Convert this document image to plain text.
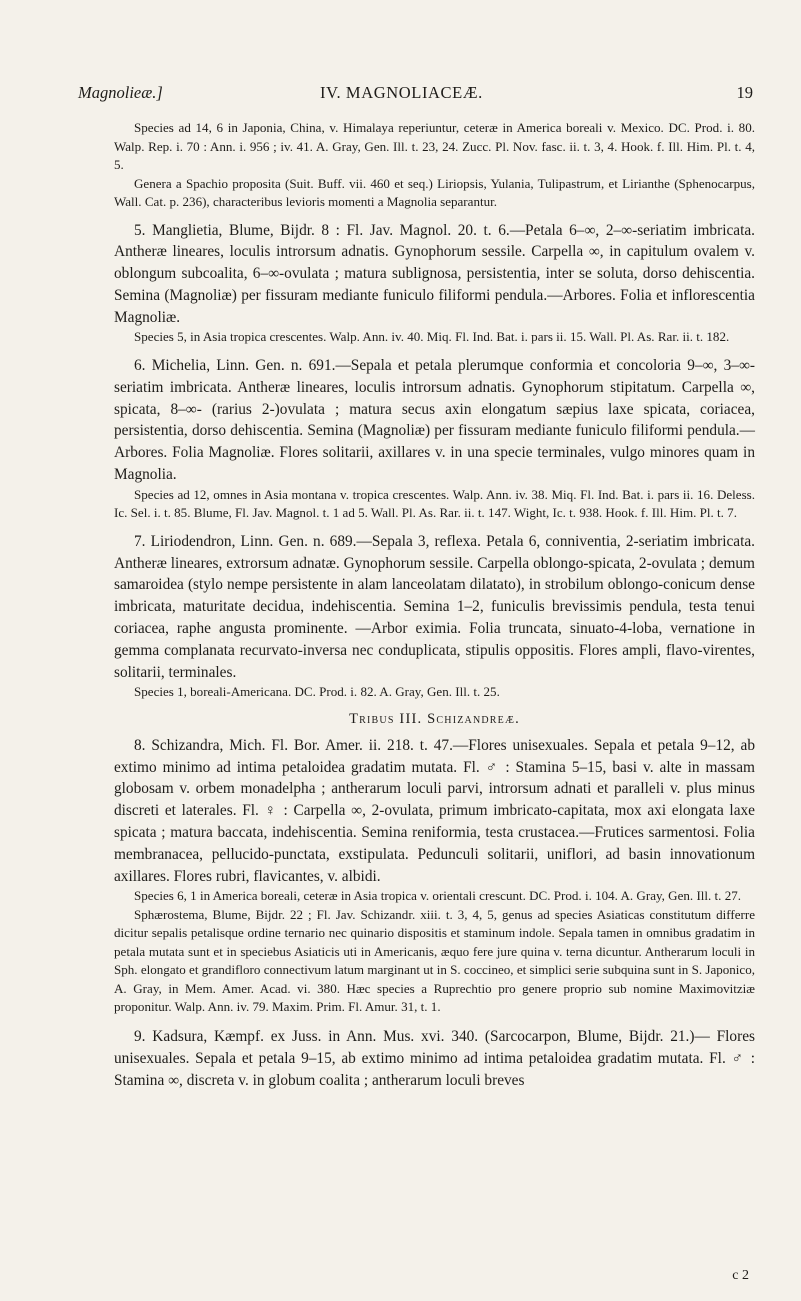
Magnolieæ.]	IV. MAGNOLIACEÆ.	19

Species ad 14, 6 in Japonia, China, v. Himalaya reperiuntur, ceteræ in America boreali v. Mexico. DC. Prod. i. 80. Walp. Rep. i. 70 : Ann. i. 956 ; iv. 41. A. Gray, Gen. Ill. t. 23, 24. Zucc. Pl. Nov. fasc. ii. t. 3, 4. Hook. f. Ill. Him. Pl. t. 4, 5.

Genera a Spachio proposita (Suit. Buff. vii. 460 et seq.) Liriopsis, Yulania, Tulipastrum, et Lirianthe (Sphenocarpus, Wall. Cat. p. 236), characteribus levioris momenti a Magnolia separantur.

5. Manglietia, Blume, Bijdr. 8 : Fl. Jav. Magnol. 20. t. 6.—Petala 6–∞, 2–∞-seriatim imbricata. Antheræ lineares, loculis introrsum adnatis. Gynophorum sessile. Carpella ∞, in capitulum ovalem v. oblongum subcoalita, 6–∞-ovulata ; matura sublignosa, persistentia, inter se soluta, dorso dehiscentia. Semina (Magnoliæ) per fissuram mediante funiculo filiformi pendula.—Arbores. Folia et inflorescentia Magnoliæ.

Species 5, in Asia tropica crescentes. Walp. Ann. iv. 40. Miq. Fl. Ind. Bat. i. pars ii. 15. Wall. Pl. As. Rar. ii. t. 182.

6. Michelia, Linn. Gen. n. 691.—Sepala et petala plerumque conformia et concoloria 9–∞, 3–∞-seriatim imbricata. Antheræ lineares, loculis introrsum adnatis. Gynophorum stipitatum. Carpella ∞, spicata, 8–∞- (rarius 2-)ovulata ; matura secus axin elongatum sæpius laxe spicata, coriacea, persistentia, dorso dehiscentia. Semina (Magnoliæ) per fissuram mediante funiculo filiformi pendula.—Arbores. Folia Magnoliæ. Flores solitarii, axillares v. in una specie terminales, vulgo minores quam in Magnolia.

Species ad 12, omnes in Asia montana v. tropica crescentes. Walp. Ann. iv. 38. Miq. Fl. Ind. Bat. i. pars ii. 16. Deless. Ic. Sel. i. t. 85. Blume, Fl. Jav. Magnol. t. 1 ad 5. Wall. Pl. As. Rar. ii. t. 147. Wight, Ic. t. 938. Hook. f. Ill. Him. Pl. t. 7.

7. Liriodendron, Linn. Gen. n. 689.—Sepala 3, reflexa. Petala 6, conniventia, 2-seriatim imbricata. Antheræ lineares, extrorsum adnatæ. Gynophorum sessile. Carpella oblongo-spicata, 2-ovulata ; demum samaroidea (stylo nempe persistente in alam lanceolatam dilatato), in strobilum oblongo-conicum dense imbricata, maturitate decidua, indehiscentia. Semina 1–2, funiculis brevissimis pendula, testa tenui coriacea, raphe angusta prominente. —Arbor eximia. Folia truncata, sinuato-4-loba, vernatione in gemma complanata recurvato-inversa nec conduplicata, stipulis oppositis. Flores ampli, flavo-virentes, solitarii, terminales.

Species 1, boreali-Americana. DC. Prod. i. 82. A. Gray, Gen. Ill. t. 25.

Tribus III. Schizandreæ.

8. Schizandra, Mich. Fl. Bor. Amer. ii. 218. t. 47.—Flores unisexuales. Sepala et petala 9–12, ab extimo minimo ad intima petaloidea gradatim mutata. Fl. ♂ : Stamina 5–15, basi v. alte in massam globosam v. orbem monadelpha ; antherarum loculi parvi, introrsum adnati et paralleli v. plus minus discreti et laterales. Fl. ♀ : Carpella ∞, 2-ovulata, primum imbricato-capitata, mox axi elongata laxe spicata ; matura baccata, indehiscentia. Semina reniformia, testa crustacea.—Frutices sarmentosi. Folia membranacea, pellucido-punctata, exstipulata. Pedunculi solitarii, uniflori, ad basin innovationum axillares. Flores rubri, flavicantes, v. albidi.

Species 6, 1 in America boreali, ceteræ in Asia tropica v. orientali crescunt. DC. Prod. i. 104. A. Gray, Gen. Ill. t. 27.

Sphærostema, Blume, Bijdr. 22 ; Fl. Jav. Schizandr. xiii. t. 3, 4, 5, genus ad species Asiaticas constitutum differre dicitur sepalis petalisque ordine ternario nec quinario dispositis et staminum indole. Sepala tamen in omnibus gradatim in petala mutata sunt et in speciebus Asiaticis uti in Americanis, æquo fere jure quina v. terna dicuntur. Antherarum loculi in Sph. elongato et grandifloro connectivum latum marginant ut in S. coccineo, et simplici serie subquina sunt in S. Japonico, A. Gray, in Mem. Amer. Acad. vi. 380. Hæc species a Ruprechtio pro genere proprio sub nomine Maximovitziæ proponitur. Walp. Ann. iv. 79. Maxim. Prim. Fl. Amur. 31, t. 1.

9. Kadsura, Kæmpf. ex Juss. in Ann. Mus. xvi. 340. (Sarcocarpon, Blume, Bijdr. 21.)— Flores unisexuales. Sepala et petala 9–15, ab extimo minimo ad intima petaloidea gradatim mutata. Fl. ♂ : Stamina ∞, discreta v. in globum coalita ; antherarum loculi breves

c 2
